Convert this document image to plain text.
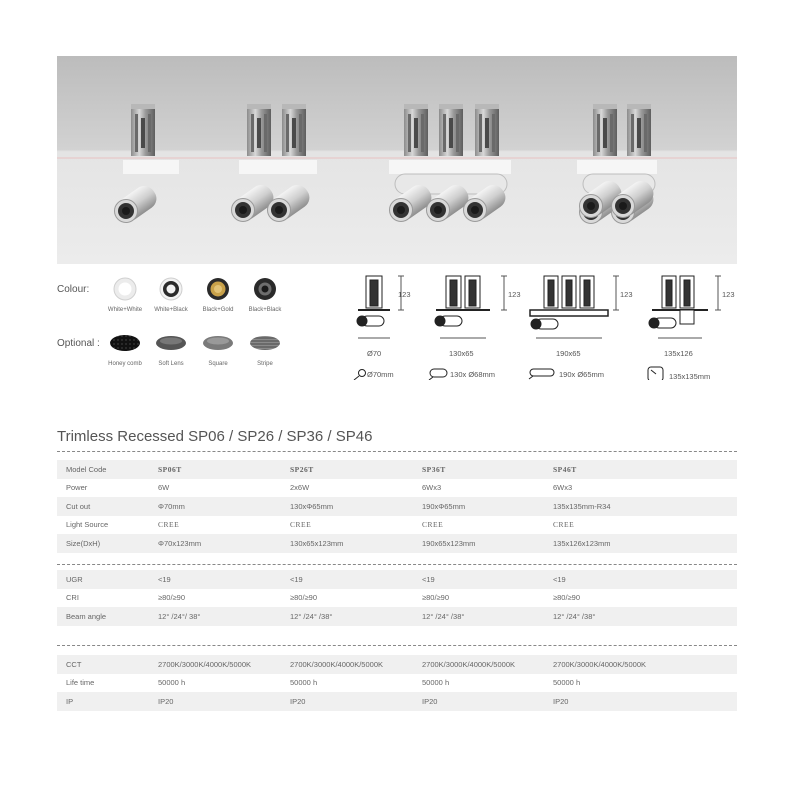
Colour:
White+White	White+Black	Black+Gold	Black+Black
Optional :
Honey comb	Soft Lens	Square	Stripe
123	123	123	123
Ø70	130x65	190x65	135x126
Ø70mm	130x Ø68mm	190x Ø65mm	135x135mm
Trimless Recessed SP06 / SP26 / SP36 / SP46
Model Code	SP06T	SP26T	SP36T	SP46T
Power	6W	2x6W	6Wx3	6Wx3
Cut out	Φ70mm	130xΦ65mm	190xΦ65mm	135x135mm-R34
Light Source	CREE	CREE	CREE	CREE
Size(DxH)	Φ70x123mm	130x65x123mm	190x65x123mm	135x126x123mm
UGR	<19	<19	<19	<19
CRI	≥80/≥90	≥80/≥90	≥80/≥90	≥80/≥90
Beam angle	12° /24°/ 38°	12° /24° /38°	12° /24° /38°	12° /24° /38°
CCT	2700K/3000K/4000K/5000K	2700K/3000K/4000K/5000K	2700K/3000K/4000K/5000K	2700K/3000K/4000K/5000K
Life time	50000 h	50000 h	50000 h	50000 h
IP	IP20	IP20	IP20	IP20
